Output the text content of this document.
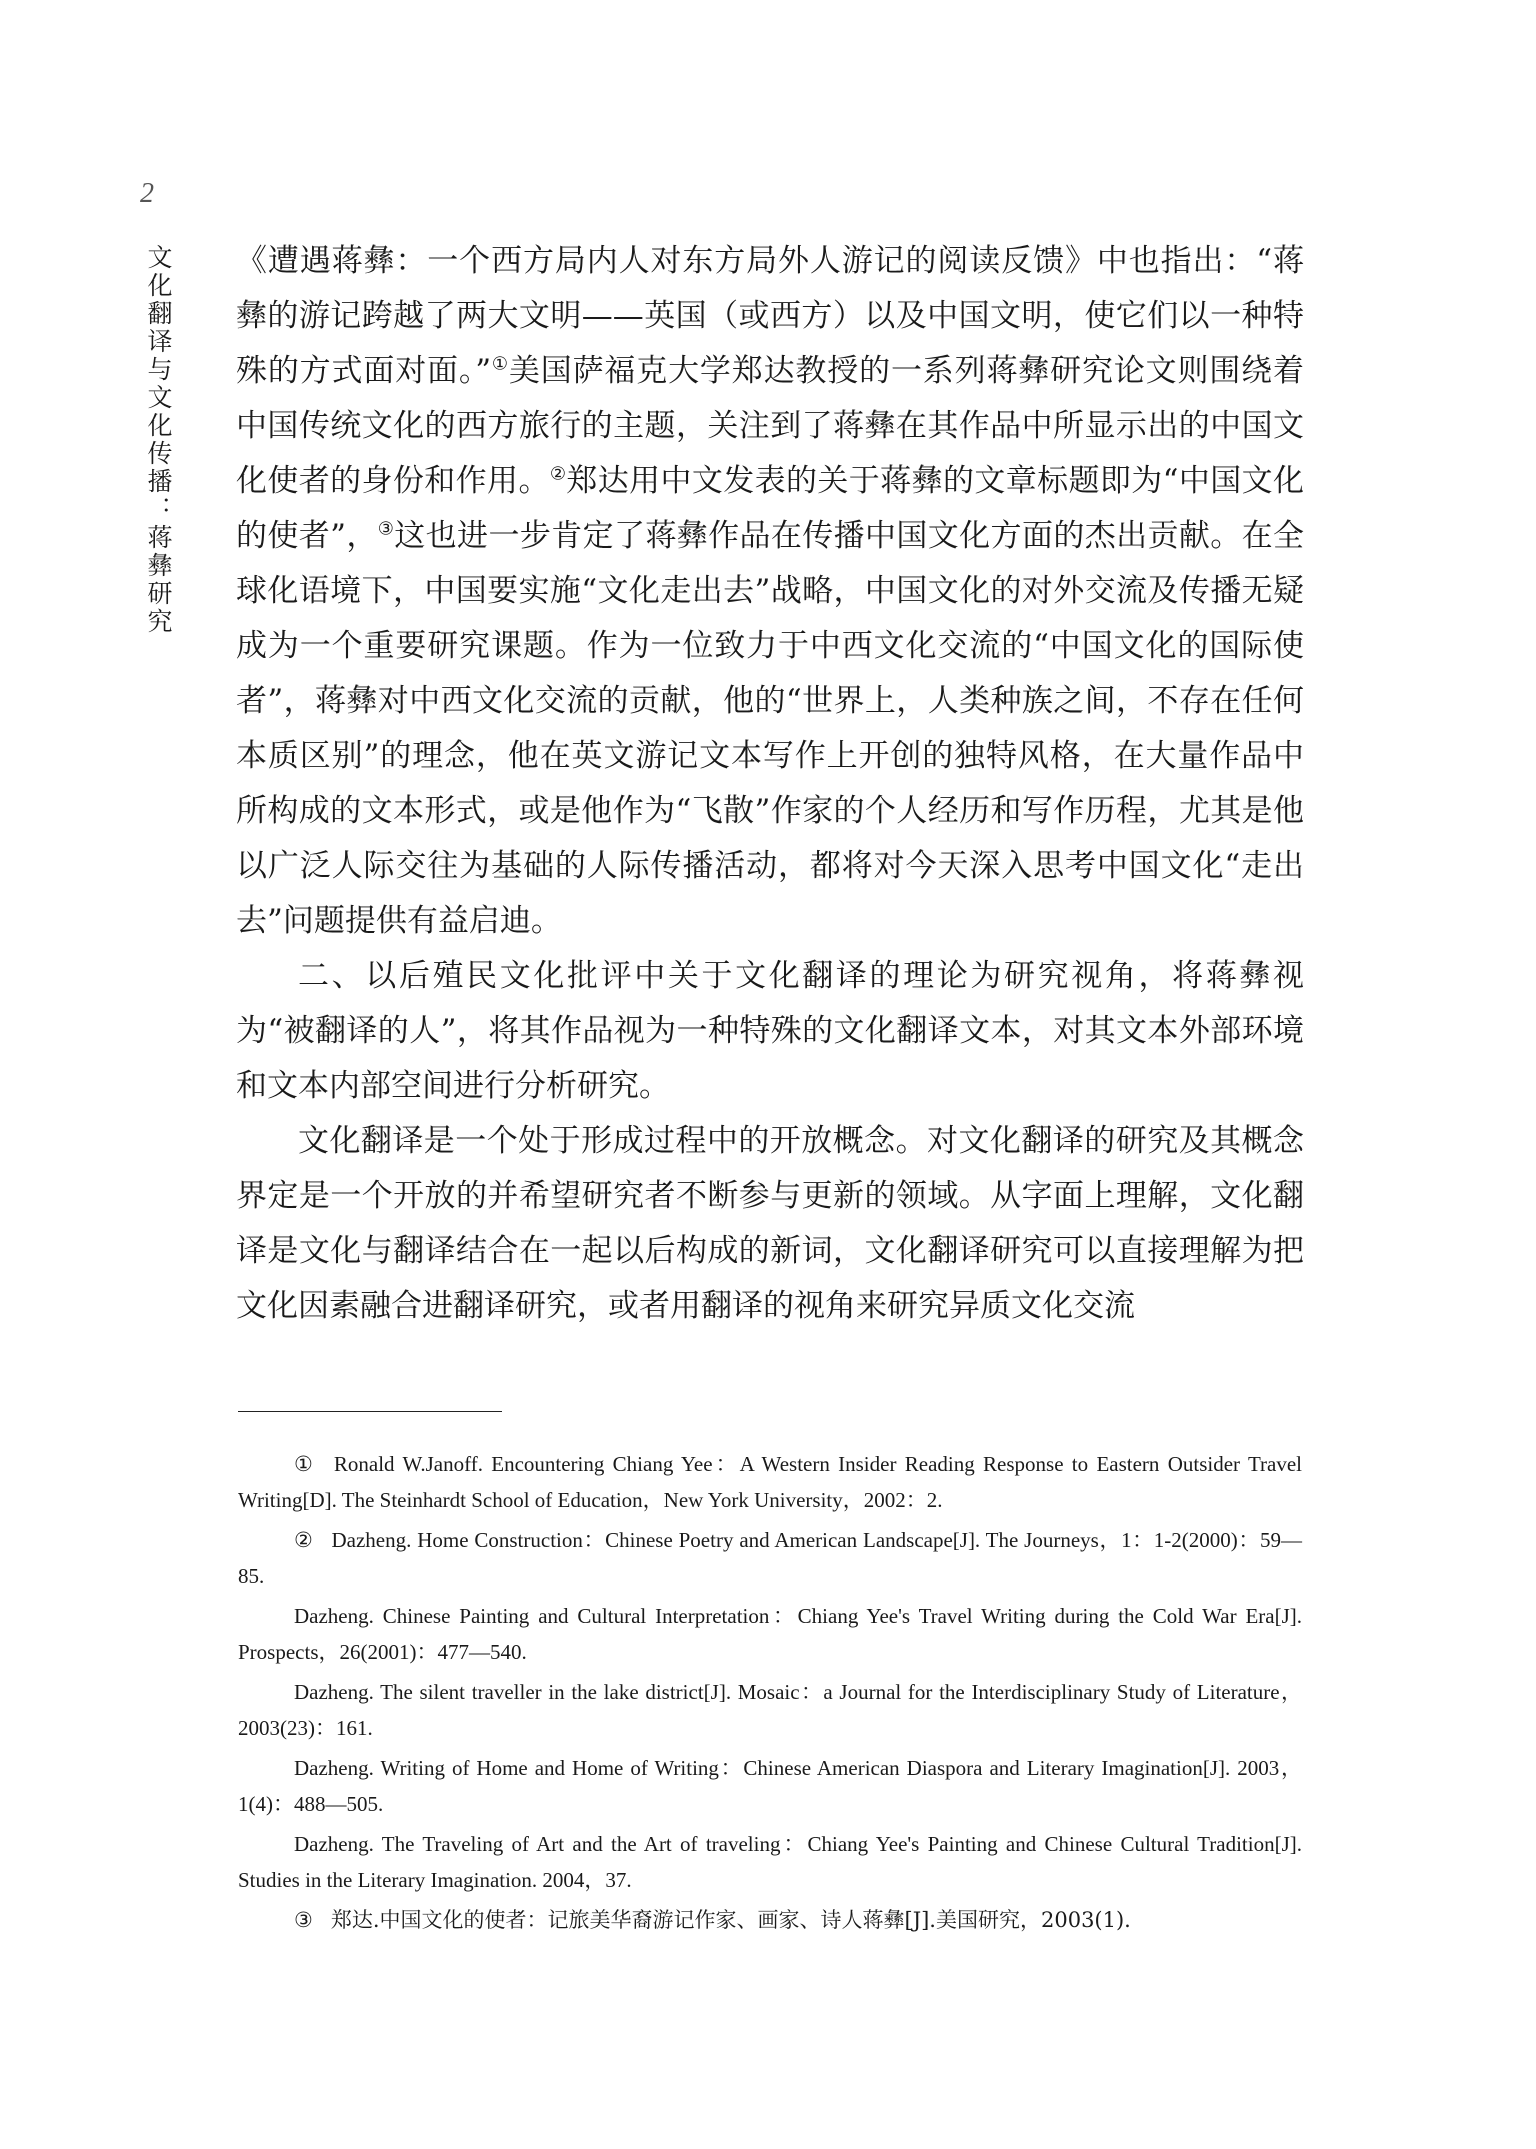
2
文化翻译与文化传播：蒋彝研究 《遭遇蒋彝：一个西方局内人对东方局外人游记的阅读反馈》中也指出：“蒋彝的游记跨越了两大文明——英国（或西方）以及中国文明，使它们以一种特殊的方式面对面。”①美国萨福克大学郑达教授的一系列蒋彝研究论文则围绕着中国传统文化的西方旅行的主题，关注到了蒋彝在其作品中所显示出的中国文化使者的身份和作用。②郑达用中文发表的关于蒋彝的文章标题即为“中国文化的使者”，③这也进一步肯定了蒋彝作品在传播中国文化方面的杰出贡献。在全球化语境下，中国要实施“文化走出去”战略，中国文化的对外交流及传播无疑成为一个重要研究课题。作为一位致力于中西文化交流的“中国文化的国际使者”，蒋彝对中西文化交流的贡献，他的“世界上，人类种族之间，不存在任何本质区别”的理念，他在英文游记文本写作上开创的独特风格，在大量作品中所构成的文本形式，或是他作为“飞散”作家的个人经历和写作历程，尤其是他以广泛人际交往为基础的人际传播活动，都将对今天深入思考中国文化“走出去”问题提供有益启迪。

二、以后殖民文化批评中关于文化翻译的理论为研究视角，将蒋彝视为“被翻译的人”，将其作品视为一种特殊的文化翻译文本，对其文本外部环境和文本内部空间进行分析研究。

文化翻译是一个处于形成过程中的开放概念。对文化翻译的研究及其概念界定是一个开放的并希望研究者不断参与更新的领域。从字面上理解，文化翻译是文化与翻译结合在一起以后构成的新词，文化翻译研究可以直接理解为把文化因素融合进翻译研究，或者用翻译的视角来研究异质文化交流

① Ronald W.Janoff. Encountering Chiang Yee：A Western Insider Reading Response to Eastern Outsider Travel Writing[D]. The Steinhardt School of Education，New York University，2002：2.
② Dazheng. Home Construction：Chinese Poetry and American Landscape[J]. The Journeys，1：1-2(2000)：59—85.
Dazheng. Chinese Painting and Cultural Interpretation：Chiang Yee's Travel Writing during the Cold War Era[J]. Prospects，26(2001)：477—540.
Dazheng. The silent traveller in the lake district[J]. Mosaic：a Journal for the Interdisciplinary Study of Literature，2003(23)：161.
Dazheng. Writing of Home and Home of Writing：Chinese American Diaspora and Literary Imagination[J]. 2003，1(4)：488—505.
Dazheng. The Traveling of Art and the Art of traveling：Chiang Yee's Painting and Chinese Cultural Tradition[J]. Studies in the Literary Imagination. 2004，37.
③ 郑达.中国文化的使者：记旅美华裔游记作家、画家、诗人蒋彝[J].美国研究，2003(1).
